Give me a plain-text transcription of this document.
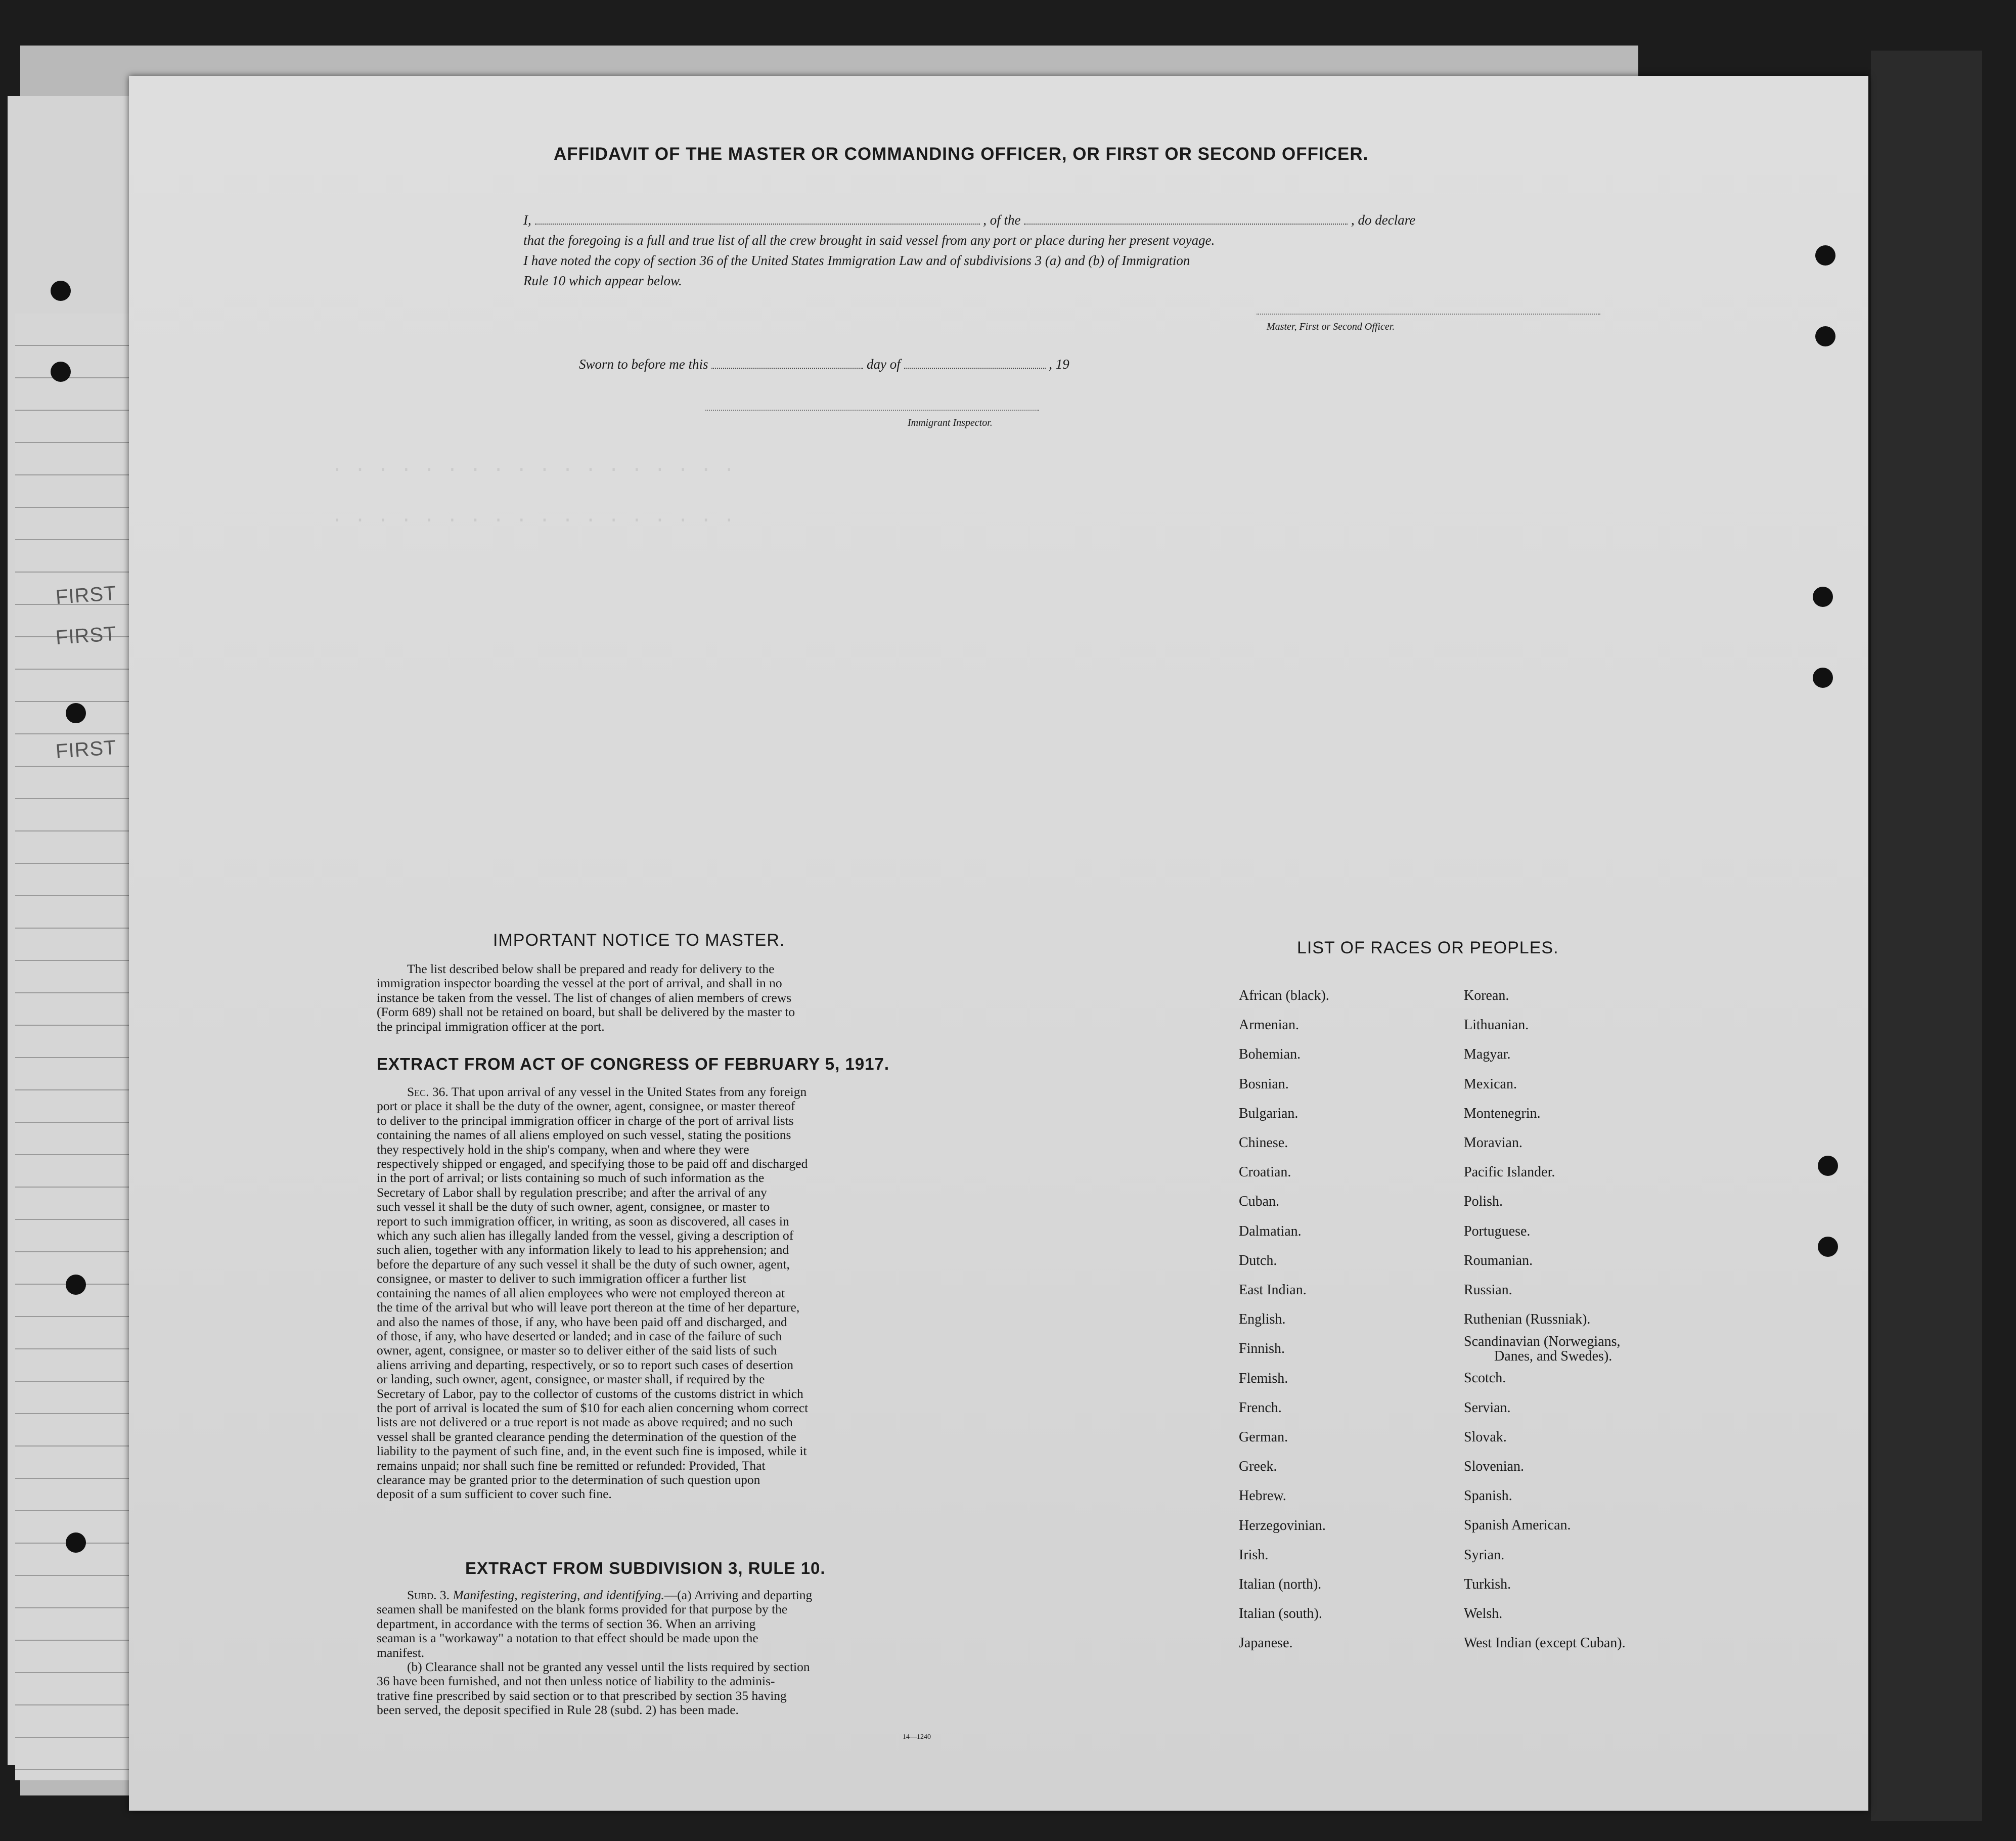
FIRST
FIRST
FIRST
. . . . . . . . . . . . . . . . . .
. . . . . . . . . . . . . . . . . .
AFFIDAVIT OF THE MASTER OR COMMANDING OFFICER, OR FIRST OR SECOND OFFICER.
I,	, of the	, do declare
that the foregoing is a full and true list of all the crew brought in said vessel from any port or place during her present voyage.
I have noted the copy of section 36 of the United States Immigration Law and of subdivisions 3 (a) and (b) of Immigration
Rule 10 which appear below.
Master, First or Second Officer.
Sworn to before me this	day of	, 19
Immigrant Inspector.
IMPORTANT NOTICE TO MASTER.
The list described below shall be prepared and ready for delivery to the
immigration inspector boarding the vessel at the port of arrival, and shall in no
instance be taken from the vessel. The list of changes of alien members of crews
(Form 689) shall not be retained on board, but shall be delivered by the master to
the principal immigration officer at the port.
EXTRACT FROM ACT OF CONGRESS OF FEBRUARY 5, 1917.
Sec. 36. That upon arrival of any vessel in the United States from any foreign
port or place it shall be the duty of the owner, agent, consignee, or master thereof
to deliver to the principal immigration officer in charge of the port of arrival lists
containing the names of all aliens employed on such vessel, stating the positions
they respectively hold in the ship's company, when and where they were
respectively shipped or engaged, and specifying those to be paid off and discharged
in the port of arrival; or lists containing so much of such information as the
Secretary of Labor shall by regulation prescribe; and after the arrival of any
such vessel it shall be the duty of such owner, agent, consignee, or master to
report to such immigration officer, in writing, as soon as discovered, all cases in
which any such alien has illegally landed from the vessel, giving a description of
such alien, together with any information likely to lead to his apprehension; and
before the departure of any such vessel it shall be the duty of such owner, agent,
consignee, or master to deliver to such immigration officer a further list
containing the names of all alien employees who were not employed thereon at
the time of the arrival but who will leave port thereon at the time of her departure,
and also the names of those, if any, who have been paid off and discharged, and
of those, if any, who have deserted or landed; and in case of the failure of such
owner, agent, consignee, or master so to deliver either of the said lists of such
aliens arriving and departing, respectively, or so to report such cases of desertion
or landing, such owner, agent, consignee, or master shall, if required by the
Secretary of Labor, pay to the collector of customs of the customs district in which
the port of arrival is located the sum of $10 for each alien concerning whom correct
lists are not delivered or a true report is not made as above required; and no such
vessel shall be granted clearance pending the determination of the question of the
liability to the payment of such fine, and, in the event such fine is imposed, while it
remains unpaid; nor shall such fine be remitted or refunded: Provided, That
clearance may be granted prior to the determination of such question upon
deposit of a sum sufficient to cover such fine.
EXTRACT FROM SUBDIVISION 3, RULE 10.
Subd. 3. Manifesting, registering, and identifying.—(a) Arriving and departing
seamen shall be manifested on the blank forms provided for that purpose by the
department, in accordance with the terms of section 36. When an arriving
seaman is a "workaway" a notation to that effect should be made upon the
manifest.
(b) Clearance shall not be granted any vessel until the lists required by section
36 have been furnished, and not then unless notice of liability to the adminis-
trative fine prescribed by said section or to that prescribed by section 35 having
been served, the deposit specified in Rule 28 (subd. 2) has been made.
14—1240
LIST OF RACES OR PEOPLES.
African (black).
Armenian.
Bohemian.
Bosnian.
Bulgarian.
Chinese.
Croatian.
Cuban.
Dalmatian.
Dutch.
East Indian.
English.
Finnish.
Flemish.
French.
German.
Greek.
Hebrew.
Herzegovinian.
Irish.
Italian (north).
Italian (south).
Japanese.
Korean.
Lithuanian.
Magyar.
Mexican.
Montenegrin.
Moravian.
Pacific Islander.
Polish.
Portuguese.
Roumanian.
Russian.
Ruthenian (Russniak).
Scandinavian (Norwegians,
Danes, and Swedes).
Scotch.
Servian.
Slovak.
Slovenian.
Spanish.
Spanish American.
Syrian.
Turkish.
Welsh.
West Indian (except Cuban).
